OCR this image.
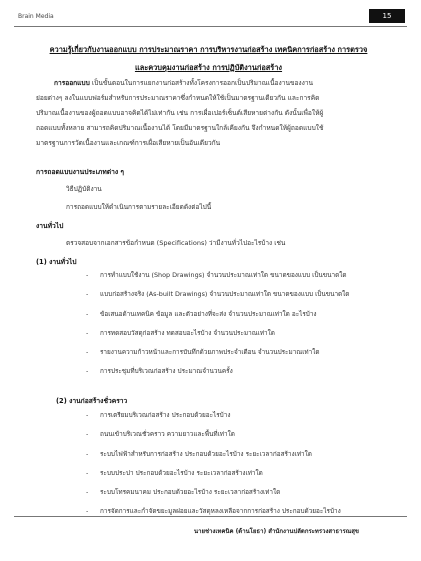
Brain Media	15
ความรู้เกี่ยวกับงานออกแบบ การประมาณราคา การบริหารงานก่อสร้าง เทคนิคการก่อสร้าง การตรวจ
และควบคุมงานก่อสร้าง การปฏิบัติงานก่อสร้าง
การออกแบบ เป็นขั้นตอนในการแยกงานก่อสร้างทั้งโครงการออกเป็นปริมาณเนื้องานของงาน
ย่อยต่างๆ ลงในแบบฟอร์มสำหรับการประมาณราคาซึ่งกำหนดให้ใช้เป็นมาตรฐานเดียวกัน และการคิด
ปริมาณเนื้องานของผู้ถอดแบบอาจคิดได้ไม่เท่ากัน เช่น การเผื่อเปอร์เซ็นต์เสียหายต่างกัน ดังนั้นเพื่อให้ผู้
ถอดแบบทั้งหลาย สามารถคิดปริมาณเนื้องานได้ โดยมีมาตรฐานใกล้เคียงกัน จึงกำหนดให้ผู้ถอดแบบใช้
มาตรฐานการวัดเนื้องานและเกณฑ์การเผื่อเสียหายเป็นอันเดียวกัน
การถอดแบบงานประเภทต่าง ๆ
วิธีปฏิบัติงาน
การถอดแบบให้ดำเนินการตามรายละเอียดดังต่อไปนี้
งานทั่วไป
ตรวจสอบจากเอกสารข้อกำหนด (Specifications) ว่ามีงานทั่วไปอะไรบ้าง เช่น
(1) งานทั่วไป
- การทำแบบใช้งาน (Shop Drawings) จำนวนประมาณเท่าใด ขนาดของแบบ เป็นขนาดใด
- แบบก่อสร้างจริง (As-built Drawings) จำนวนประมาณเท่าใด ขนาดของแบบ เป็นขนาดใด
- ข้อเสนอด้านเทคนิค ข้อมูล และตัวอย่างที่จะส่ง จำนวนประมาณเท่าใด อะไรบ้าง
- การทดสอบวัสดุก่อสร้าง ทดสอบอะไรบ้าง จำนวนประมาณเท่าใด
- รายงานความก้าวหน้าและการบันทึกด้วยภาพประจำเดือน จำนวนประมาณเท่าใด
- การประชุมที่บริเวณก่อสร้าง ประมาณจำนวนครั้ง
(2) งานก่อสร้างชั่วคราว
- การเตรียมบริเวณก่อสร้าง ประกอบด้วยอะไรบ้าง
- ถนนเข้าบริเวณชั่วคราว ความยาวและพื้นที่เท่าใด
- ระบบไฟฟ้าสำหรับการก่อสร้าง ประกอบด้วยอะไรบ้าง ระยะเวลาก่อสร้างเท่าใด
- ระบบประปา ประกอบด้วยอะไรบ้าง ระยะเวลาก่อสร้างเท่าใด
- ระบบโทรคมนาคม ประกอบด้วยอะไรบ้าง ระยะเวลาก่อสร้างเท่าใด
- การจัดการและกำจัดขยะมูลฝอยและวัสดุหลงเหลือจากการก่อสร้าง ประกอบด้วยอะไรบ้าง
นายช่างเทคนิค (ด้านโยธา) สำนักงานปลัดกระทรวงสาธารณสุข
